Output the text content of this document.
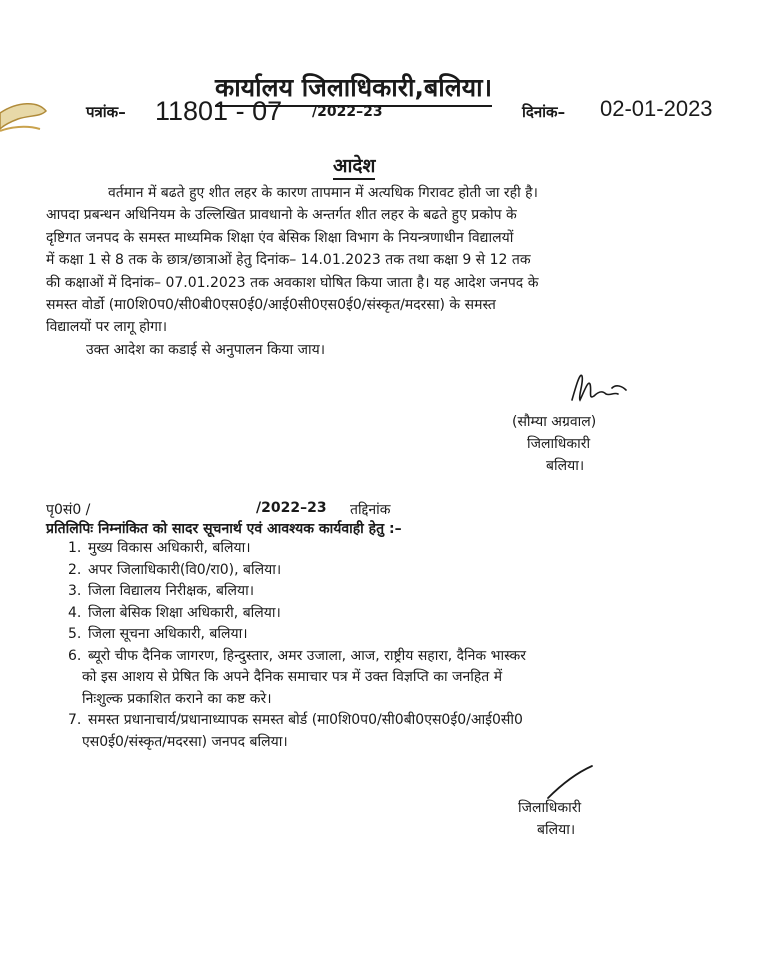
कार्यालय जिलाधिकारी,बलिया।
पत्रांक– 11801 - 07 /2022–23	दिनांक– 02-01-2023
आदेश
वर्तमान में बढते हुए शीत लहर के कारण तापमान में अत्यधिक गिरावट होती जा रही है।
आपदा प्रबन्धन अधिनियम के उल्लिखित प्रावधानो के अन्तर्गत शीत लहर के बढते हुए प्रकोप के
दृष्टिगत जनपद के समस्त माध्यमिक शिक्षा एंव बेसिक शिक्षा विभाग के नियन्त्रणाधीन विद्यालयों
में कक्षा 1 से 8 तक के छात्र/छात्राओं हेतु दिनांक– 14.01.2023 तक तथा कक्षा 9 से 12 तक
की कक्षाओं में दिनांक– 07.01.2023 तक अवकाश घोषित किया जाता है। यह आदेश जनपद के
समस्त वोर्डो (मा0शि0प0/सी0बी0एस0ई0/आई0सी0एस0ई0/संस्कृत/मदरसा) के समस्त
विद्यालयों पर लागू होगा।
उक्त आदेश का कडाई से अनुपालन किया जाय।
(सौम्या अग्रवाल)
जिलाधिकारी
बलिया।
पृ0सं0 /	/2022–23 तद्दिनांक
प्रतिलिपिः निम्नांकित को सादर सूचनार्थ एवं आवश्यक कार्यवाही हेतु :–
1. मुख्य विकास अधिकारी, बलिया।
2. अपर जिलाधिकारी(वि0/रा0), बलिया।
3. जिला विद्यालय निरीक्षक, बलिया।
4. जिला बेसिक शिक्षा अधिकारी, बलिया।
5. जिला सूचना अधिकारी, बलिया।
6. ब्यूरो चीफ दैनिक जागरण, हिन्दुस्तार, अमर उजाला, आज, राष्ट्रीय सहारा, दैनिक भास्कर
को इस आशय से प्रेषित कि अपने दैनिक समाचार पत्र में उक्त विज्ञप्ति का जनहित में
निःशुल्क प्रकाशित कराने का कष्ट करे।
7. समस्त प्रधानाचार्य/प्रधानाध्यापक समस्त बोर्ड (मा0शि0प0/सी0बी0एस0ई0/आई0सी0
एस0ई0/संस्कृत/मदरसा) जनपद बलिया।
जिलाधिकारी
बलिया।
